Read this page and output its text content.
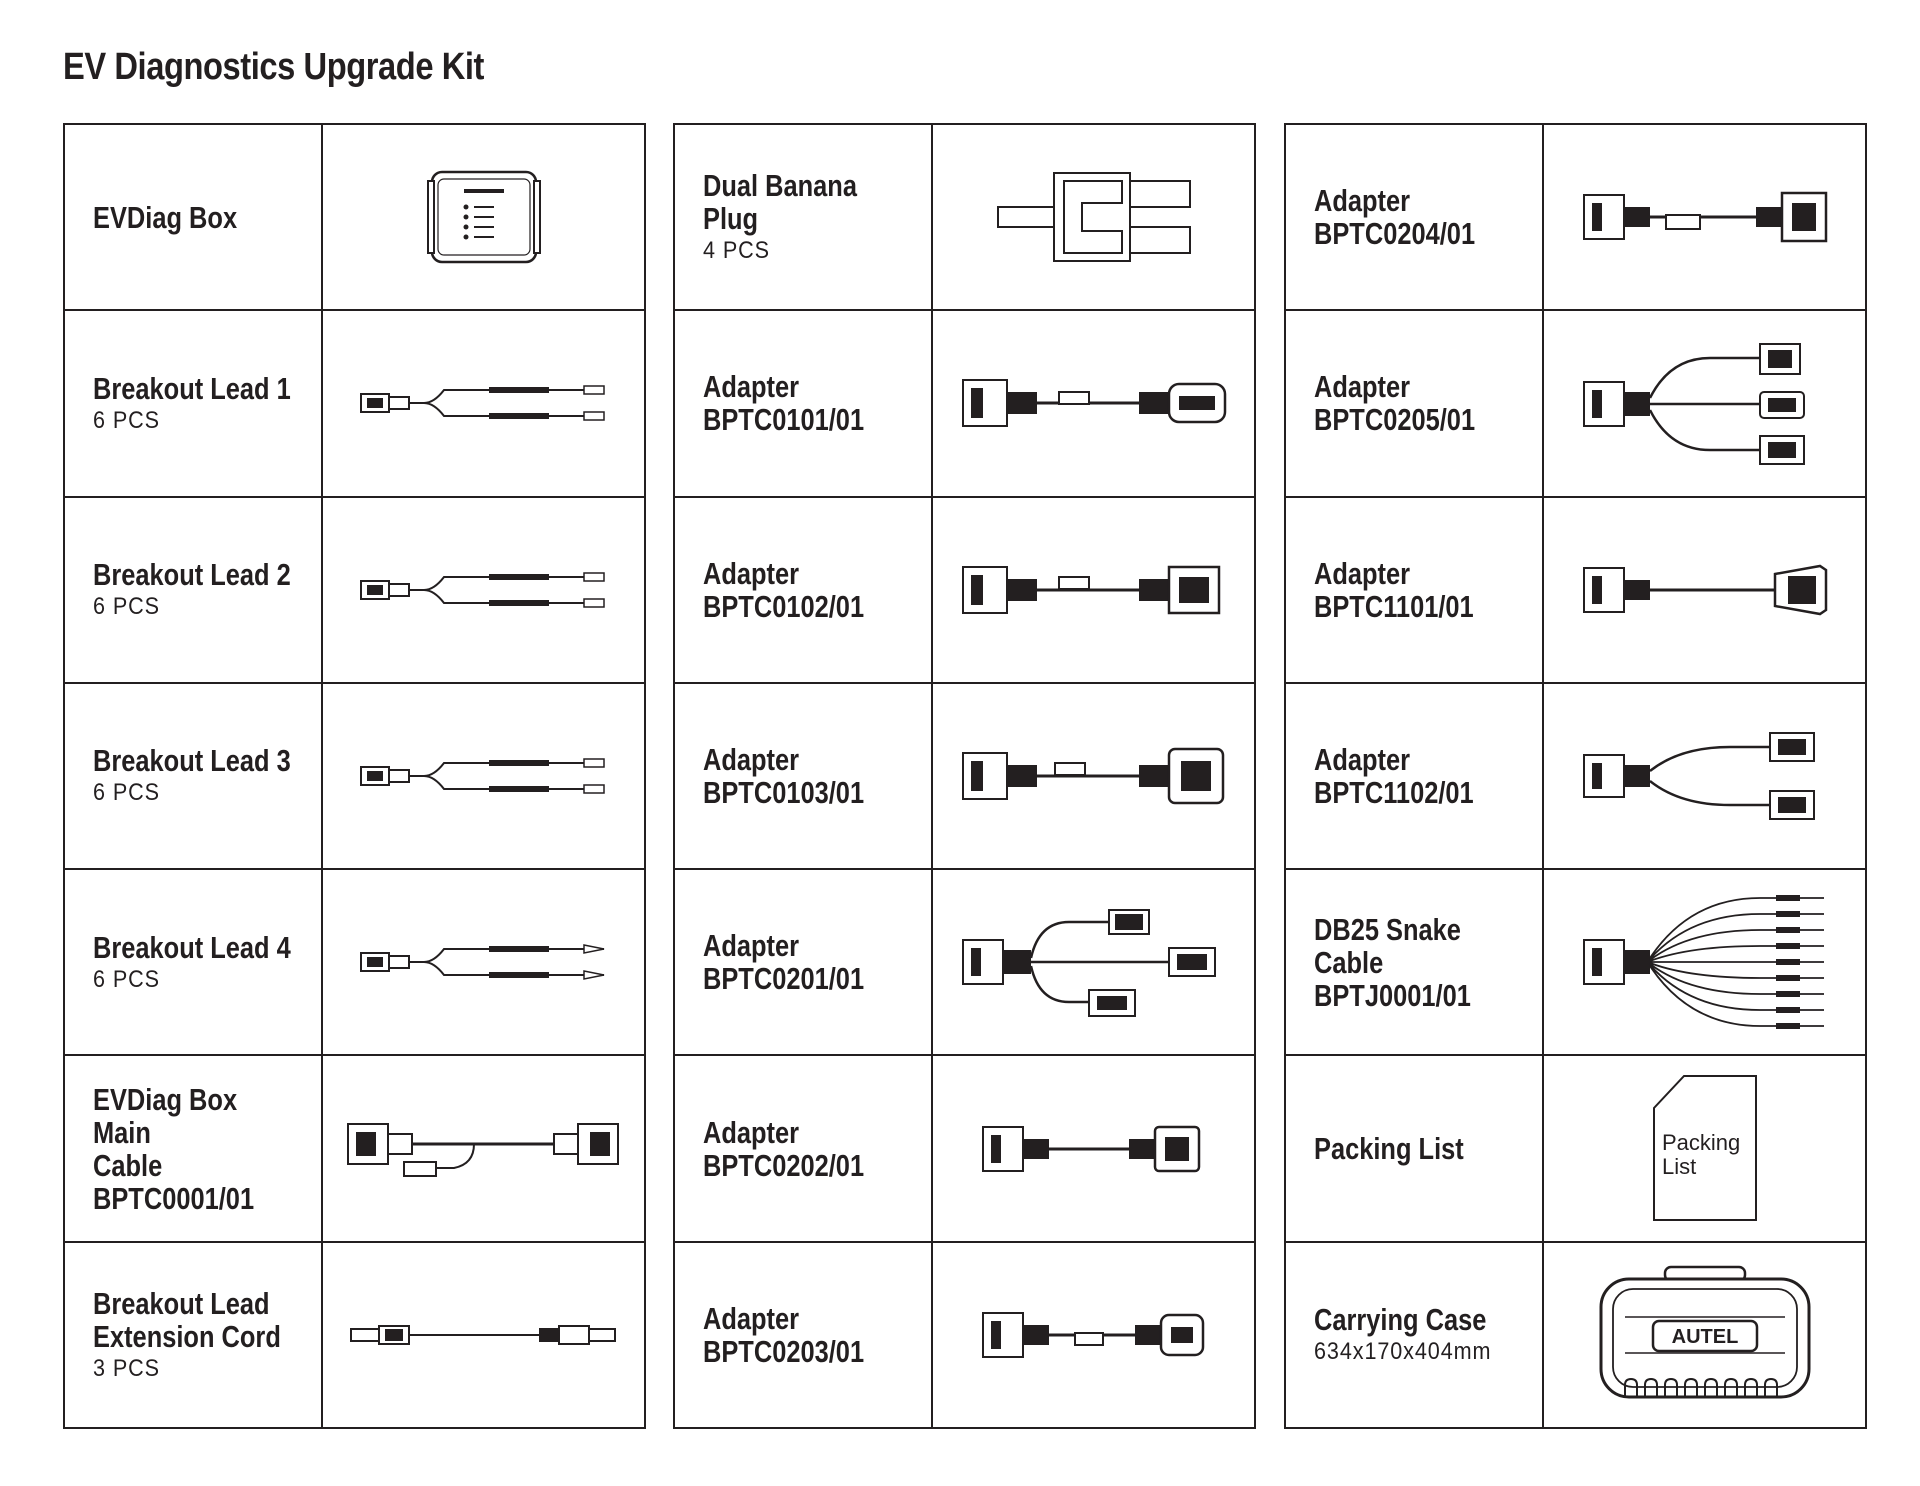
EV Diagnostics Upgrade Kit
EVDiag Box
Breakout Lead 1
6 PCS
Breakout Lead 2
6 PCS
Breakout Lead 3
6 PCS
Breakout Lead 4
6 PCS
EVDiag Box Main
Cable
BPTC0001/01
Breakout Lead
Extension Cord
3 PCS
Dual Banana Plug
4 PCS
Adapter
BPTC0101/01
Adapter
BPTC0102/01
Adapter
BPTC0103/01
Adapter
BPTC0201/01
Adapter
BPTC0202/01
Adapter
BPTC0203/01
Adapter
BPTC0204/01
Adapter
BPTC0205/01
Adapter
BPTC1101/01
Adapter
BPTC1102/01
DB25 Snake
Cable
BPTJ0001/01
Packing List	Packing List
Carrying Case
634x170x404mm
AUTEL
